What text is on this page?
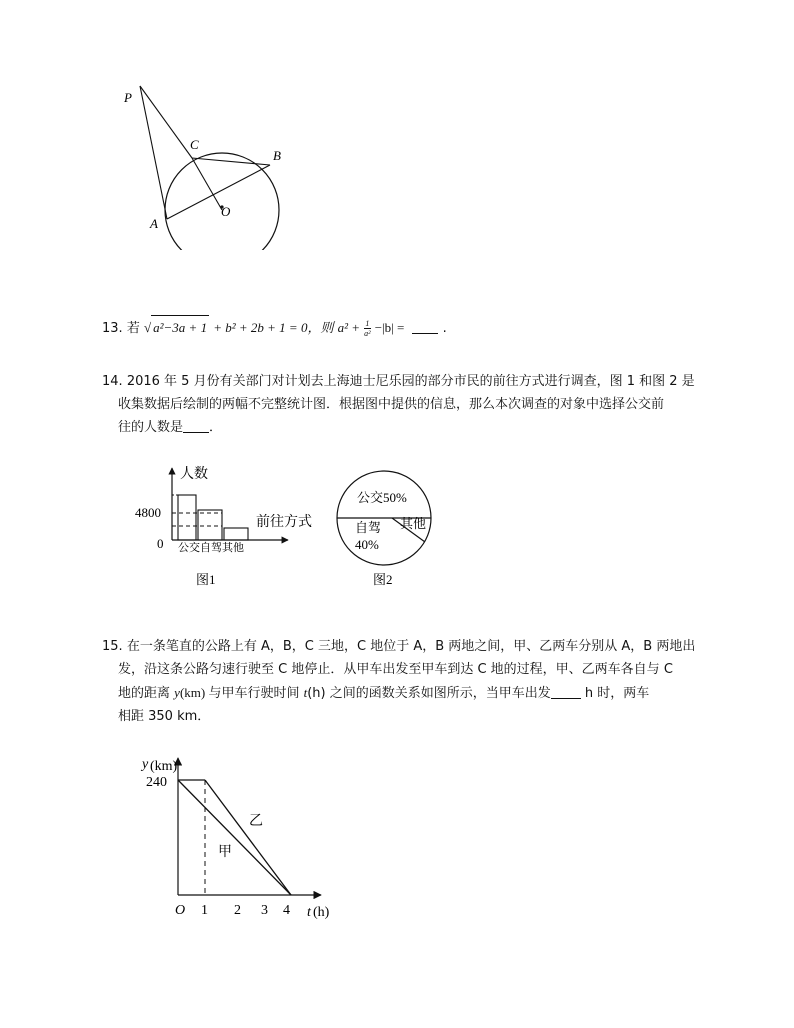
P
C
B
A
O
13. 若 √ a²−3a + 1 + b² + 2b + 1 = 0，则 $a^2 + \frac{1}{\text{a²}} -|b|$ =	.
14. 2016 年 5 月份有关部门对计划去上海迪士尼乐园的部分市民的前往方式进行调查，图 1 和图 2 是
收集数据后绘制的两幅不完整统计图．根据图中提供的信息，那么本次调查的对象中选择公交前
往的人数是 ．
人数
4800
0
前往方式
公交自驾其他
图1
公交50%
自驾
40%
其他
图2
15. 在一条笔直的公路上有 A，B，C 三地，C 地位于 A，B 两地之间，甲、乙两车分别从 A，B 两地出
发，沿这条公路匀速行驶至 C 地停止．从甲车出发至甲车到达 C 地的过程，甲、乙两车各自与 C
地的距离 y(km) 与甲车行驶时间 t(h) 之间的函数关系如图所示，当甲车出发	h 时，两车
相距 350 km．
y (km)
240
O 1 2 3 4 t (h)
乙
甲
